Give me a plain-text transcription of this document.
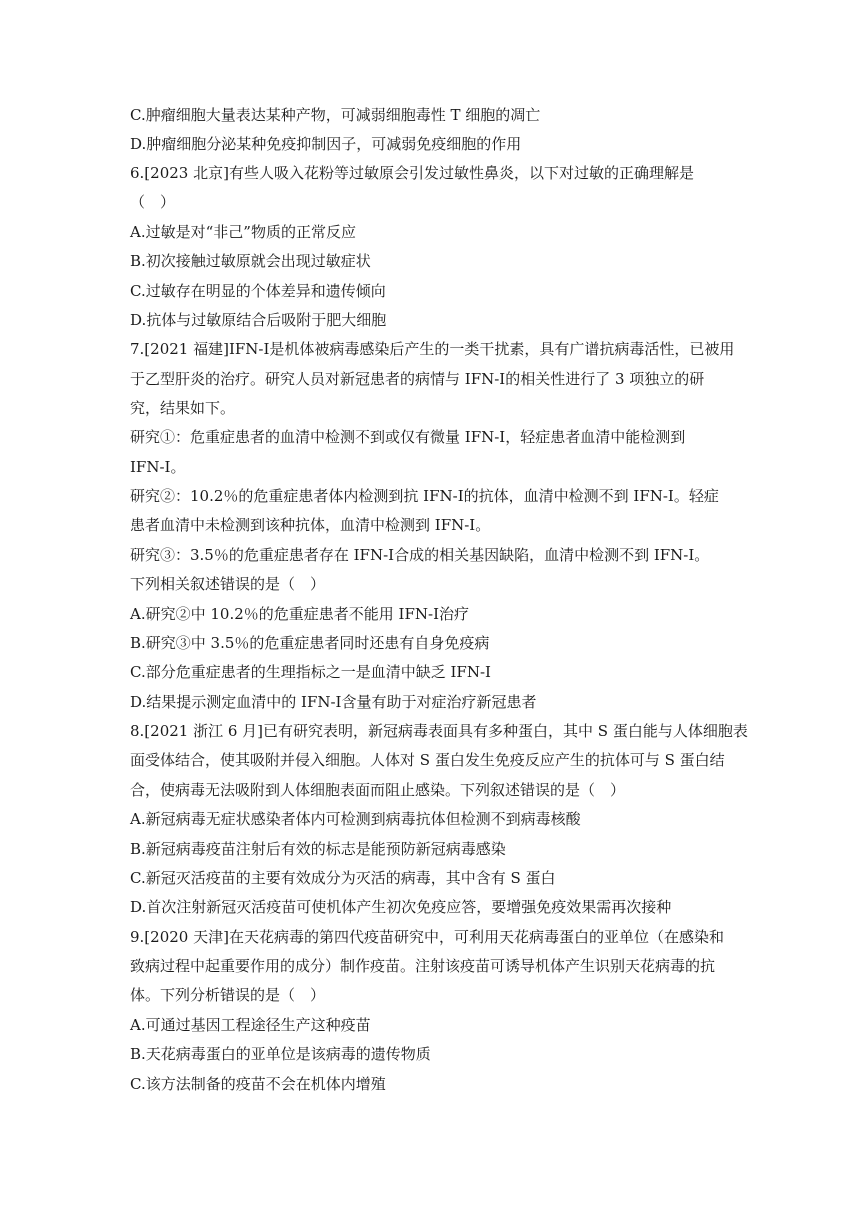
C.肿瘤细胞大量表达某种产物，可减弱细胞毒性 T 细胞的凋亡
D.肿瘤细胞分泌某种免疫抑制因子，可减弱免疫细胞的作用
6.[2023 北京]有些人吸入花粉等过敏原会引发过敏性鼻炎，以下对过敏的正确理解是
（　）
A.过敏是对“非己”物质的正常反应
B.初次接触过敏原就会出现过敏症状
C.过敏存在明显的个体差异和遗传倾向
D.抗体与过敏原结合后吸附于肥大细胞
7.[2021 福建]IFN-Ⅰ是机体被病毒感染后产生的一类干扰素，具有广谱抗病毒活性，已被用
于乙型肝炎的治疗。研究人员对新冠患者的病情与 IFN-Ⅰ的相关性进行了 3 项独立的研
究，结果如下。
研究①：危重症患者的血清中检测不到或仅有微量 IFN-Ⅰ，轻症患者血清中能检测到
IFN-Ⅰ。
研究②：10.2％的危重症患者体内检测到抗 IFN-Ⅰ的抗体，血清中检测不到 IFN-Ⅰ。轻症
患者血清中未检测到该种抗体，血清中检测到 IFN-Ⅰ。
研究③：3.5％的危重症患者存在 IFN-Ⅰ合成的相关基因缺陷，血清中检测不到 IFN-Ⅰ。
下列相关叙述错误的是（　）
A.研究②中 10.2％的危重症患者不能用 IFN-Ⅰ治疗
B.研究③中 3.5％的危重症患者同时还患有自身免疫病
C.部分危重症患者的生理指标之一是血清中缺乏 IFN-Ⅰ
D.结果提示测定血清中的 IFN-Ⅰ含量有助于对症治疗新冠患者
8.[2021 浙江 6 月]已有研究表明，新冠病毒表面具有多种蛋白，其中 S 蛋白能与人体细胞表
面受体结合，使其吸附并侵入细胞。人体对 S 蛋白发生免疫反应产生的抗体可与 S 蛋白结
合，使病毒无法吸附到人体细胞表面而阻止感染。下列叙述错误的是（　）
A.新冠病毒无症状感染者体内可检测到病毒抗体但检测不到病毒核酸
B.新冠病毒疫苗注射后有效的标志是能预防新冠病毒感染
C.新冠灭活疫苗的主要有效成分为灭活的病毒，其中含有 S 蛋白
D.首次注射新冠灭活疫苗可使机体产生初次免疫应答，要增强免疫效果需再次接种
9.[2020 天津]在天花病毒的第四代疫苗研究中，可利用天花病毒蛋白的亚单位（在感染和
致病过程中起重要作用的成分）制作疫苗。注射该疫苗可诱导机体产生识别天花病毒的抗
体。下列分析错误的是（　）
A.可通过基因工程途径生产这种疫苗
B.天花病毒蛋白的亚单位是该病毒的遗传物质
C.该方法制备的疫苗不会在机体内增殖
